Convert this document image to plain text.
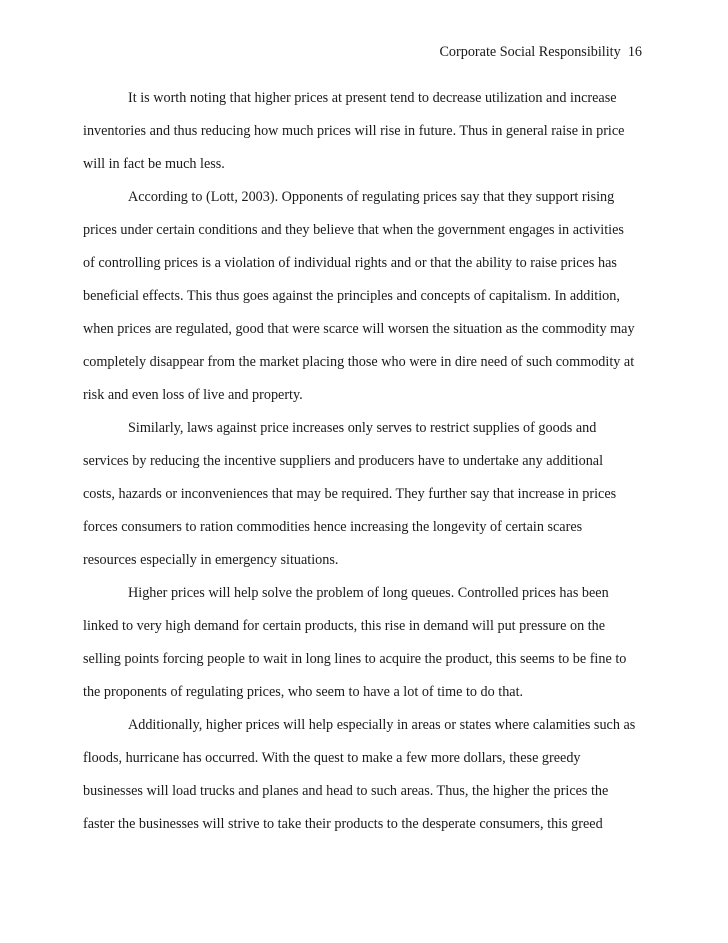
Corporate Social Responsibility 16
It is worth noting that higher prices at present tend to decrease utilization and increase
inventories and thus reducing how much prices will rise in future. Thus in general raise in price
will in fact be much less.
According to (Lott, 2003). Opponents of regulating prices say that they support rising
prices under certain conditions and they believe that when the government engages in activities
of controlling prices is a violation of individual rights and or that the ability to raise prices has
beneficial effects. This thus goes against the principles and concepts of capitalism. In addition,
when prices are regulated, good that were scarce will worsen the situation as the commodity may
completely disappear from the market placing those who were in dire need of such commodity at
risk and even loss of live and property.
Similarly, laws against price increases only serves to restrict supplies of goods and
services by reducing the incentive suppliers and producers have to undertake any additional
costs, hazards or inconveniences that may be required. They further say that increase in prices
forces consumers to ration commodities hence increasing the longevity of certain scares
resources especially in emergency situations.
Higher prices will help solve the problem of long queues. Controlled prices has been
linked to very high demand for certain products, this rise in demand will put pressure on the
selling points forcing people to wait in long lines to acquire the product, this seems to be fine to
the proponents of regulating prices, who seem to have a lot of time to do that.
Additionally, higher prices will help especially in areas or states where calamities such as
floods, hurricane has occurred. With the quest to make a few more dollars, these greedy
businesses will load trucks and planes and head to such areas. Thus, the higher the prices the
faster the businesses will strive to take their products to the desperate consumers, this greed
